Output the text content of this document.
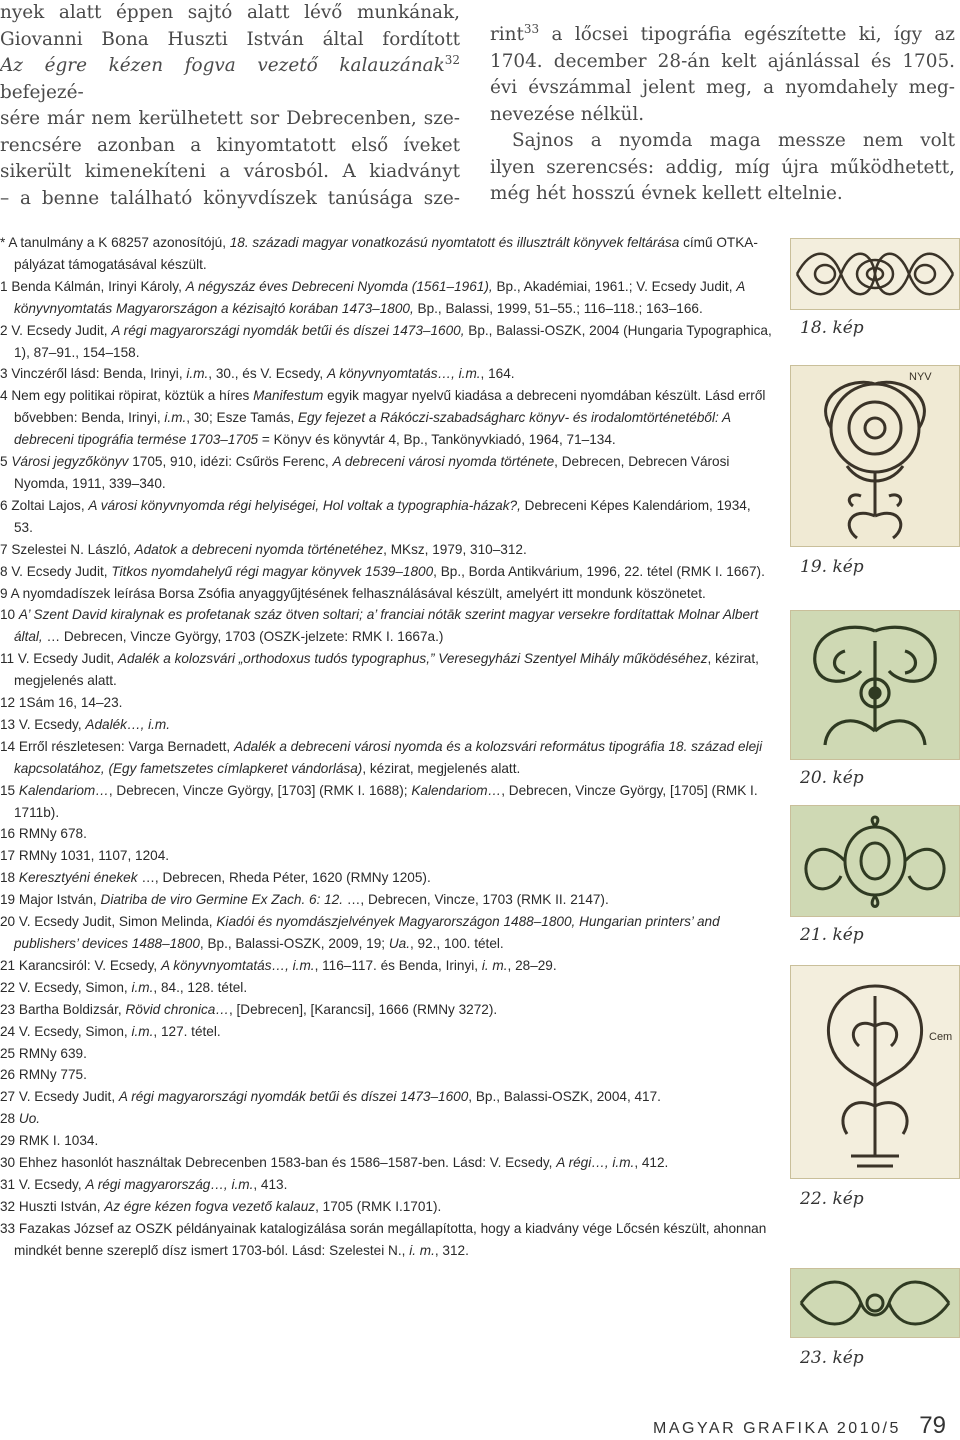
nyek alatt éppen sajtó alatt lévő munkának,

Giovanni Bona Huszti István által fordított

Az égre kézen fogva vezető kalauzának$^{32}$ befejezé-

sére már nem kerülhetett sor Debrecenben, sze-

rencsére azonban a kinyomtatott első íveket

sikerült kimenekíteni a városból. A kiadványt

– a benne található könyvdíszek tanúsága sze-

rint$^{33}$ a lőcsei tipográfia egészítette ki, így az

1704. december 28-án kelt ajánlással és 1705.

évi évszámmal jelent meg, a nyomdahely meg-

nevezése nélkül.

Sajnos a nyomda maga messze nem volt

ilyen szerencsés: addig, míg újra működhetett,

még hét hosszú évnek kellett eltelnie.

* A tanulmány a K 68257 azonosítójú, 18. századi magyar vonatkozású nyomtatott és illusztrált könyvek feltárása című OTKA-pályázat támogatásával készült.

1 Benda Kálmán, Irinyi Károly, A négyszáz éves Debreceni Nyomda (1561–1961), Bp., Akadémiai, 1961.; V. Ecsedy Judit, A könyvnyomtatás Magyarországon a kézisajtó korában 1473–1800, Bp., Balassi, 1999, 51–55.; 116–118.; 163–166.

2 V. Ecsedy Judit, A régi magyarországi nyomdák betűi és díszei 1473–1600, Bp., Balassi-OSZK, 2004 (Hungaria Typographica, 1), 87–91., 154–158.

3 Vinczéről lásd: Benda, Irinyi, i.m., 30., és V. Ecsedy, A könyvnyomtatás…, i.m., 164.

4 Nem egy politikai röpirat, köztük a híres Manifestum egyik magyar nyelvű kiadása a debreceni nyomdában készült. Lásd erről bővebben: Benda, Irinyi, i.m., 30; Esze Tamás, Egy fejezet a Rákóczi-szabadságharc könyv- és irodalomtörténetéből: A debreceni tipográfia termése 1703–1705 = Könyv és könyvtár 4, Bp., Tankönyvkiadó, 1964, 71–134.

5 Városi jegyzőkönyv 1705, 910, idézi: Csűrös Ferenc, A debreceni városi nyomda története, Debrecen, Debrecen Városi Nyomda, 1911, 339–340.

6 Zoltai Lajos, A városi könyvnyomda régi helyiségei, Hol voltak a typographia-házak?, Debreceni Képes Kalendáriom, 1934, 53.

7 Szelestei N. László, Adatok a debreceni nyomda történetéhez, MKsz, 1979, 310–312.

8 V. Ecsedy Judit, Titkos nyomdahelyű régi magyar könyvek 1539–1800, Bp., Borda Antikvárium, 1996, 22. tétel (RMK I. 1667).

9 A nyomdadíszek leírása Borsa Zsófia anyaggyűjtésének felhasználásával készült, amelyért itt mondunk köszönetet.

10 A’ Szent David kiralynak es profetanak száz ötven soltari; a’ franciai nótāk szerint magyar versekre fordítattak Molnar Albert által, … Debrecen, Vincze György, 1703 (OSZK-jelzete: RMK I. 1667a.)

11 V. Ecsedy Judit, Adalék a kolozsvári „orthodoxus tudós typographus,” Veresegyházi Szentyel Mihály működéséhez, kézirat, megjelenés alatt.

12 1Sám 16, 14–23.

13 V. Ecsedy, Adalék…, i.m.

14 Erről részletesen: Varga Bernadett, Adalék a debreceni városi nyomda és a kolozsvári református tipográfia 18. század eleji kapcsolatához, (Egy fametszetes címlapkeret vándorlása), kézirat, megjelenés alatt.

15 Kalendariom…, Debrecen, Vincze György, [1703] (RMK I. 1688); Kalendariom…, Debrecen, Vincze György, [1705] (RMK I. 1711b).

16 RMNy 678.

17 RMNy 1031, 1107, 1204.

18 Keresztyéni énekek …, Debrecen, Rheda Péter, 1620 (RMNy 1205).

19 Major István, Diatriba de viro Germine Ex Zach. 6: 12. …, Debrecen, Vincze, 1703 (RMK II. 2147).

20 V. Ecsedy Judit, Simon Melinda, Kiadói és nyomdászjelvények Magyarországon 1488–1800, Hungarian printers’ and publishers’ devices 1488–1800, Bp., Balassi-OSZK, 2009, 19; Ua., 92., 100. tétel.

21 Karancsiról: V. Ecsedy, A könyvnyomtatás…, i.m., 116–117. és Benda, Irinyi, i. m., 28–29.

22 V. Ecsedy, Simon, i.m., 84., 128. tétel.

23 Bartha Boldizsár, Rövid chronica…, [Debrecen], [Karancsi], 1666 (RMNy 3272).

24 V. Ecsedy, Simon, i.m., 127. tétel.

25 RMNy 639.

26 RMNy 775.

27 V. Ecsedy Judit, A régi magyarországi nyomdák betűi és díszei 1473–1600, Bp., Balassi-OSZK, 2004, 417.

28 Uo.

29 RMK I. 1034.

30 Ehhez hasonlót használtak Debrecenben 1583-ban és 1586–1587-ben. Lásd: V. Ecsedy, A régi…, i.m., 412.

31 V. Ecsedy, A régi magyarország…, i.m., 413.

32 Huszti István, Az égre kézen fogva vezető kalauz, 1705 (RMK I.1701).

33 Fazakas József az OSZK példányainak katalogizálása során megállapította, hogy a kiadvány vége Lőcsén készült, ahonnan mindkét benne szereplő dísz ismert 1703-ból. Lásd: Szelestei N., i. m., 312.

18. kép
NYV
19. kép
20. kép
21. kép
Cem
22. kép
23. kép
MAGYAR GRAFIKA 2010/5 79
